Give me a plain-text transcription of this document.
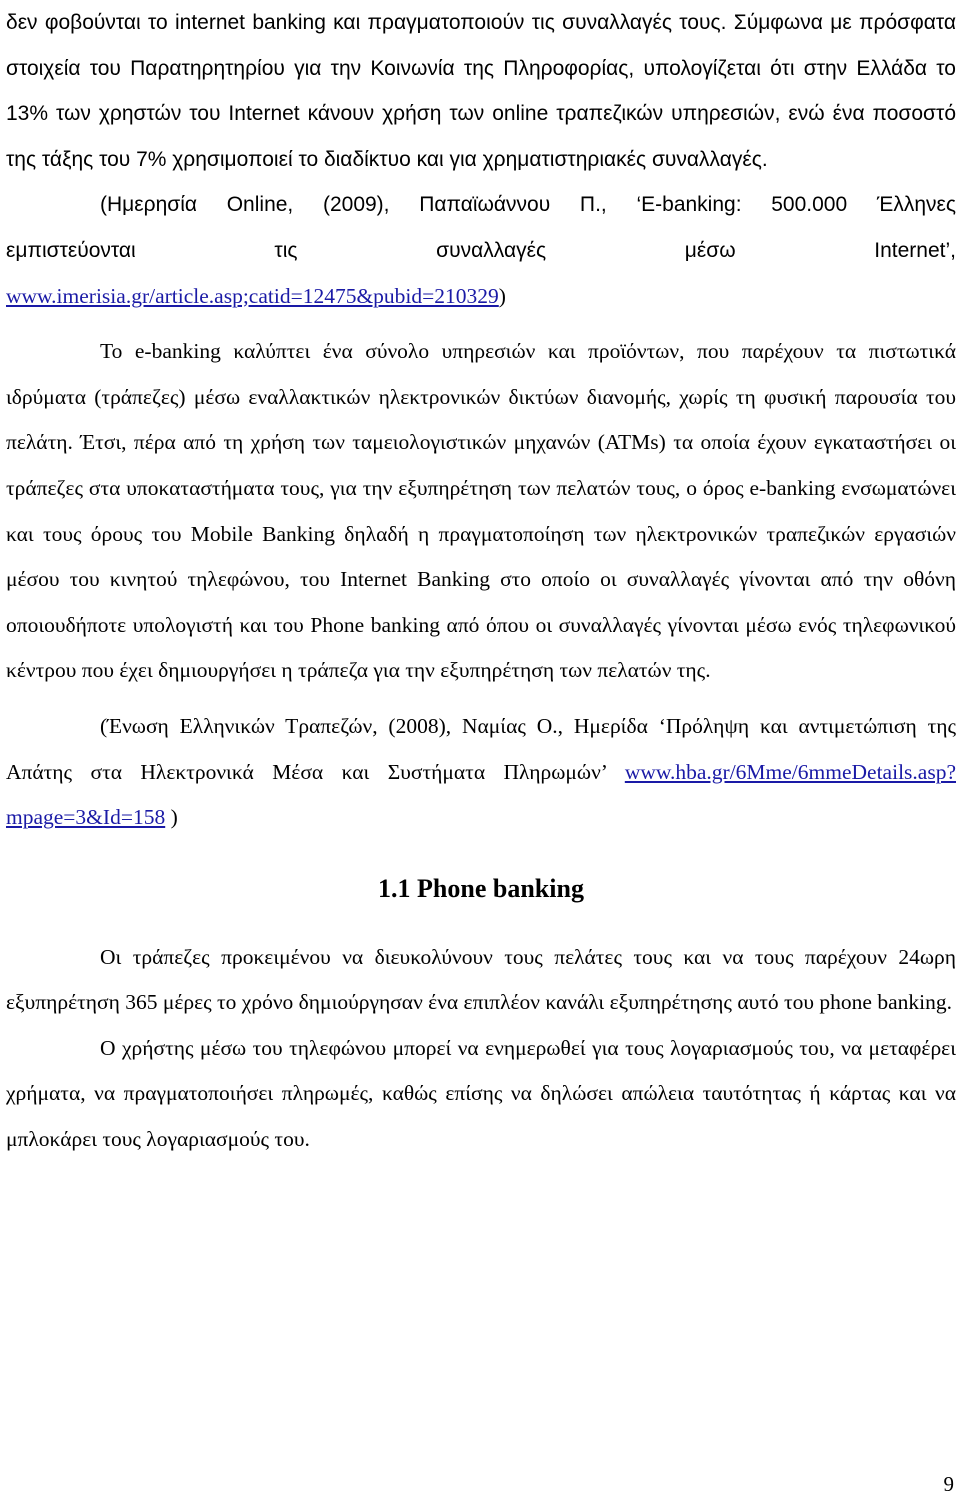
δεν φοβούνται το internet banking και πραγματοποιούν τις συναλλαγές τους. Σύμφωνα με πρόσφατα στοιχεία του Παρατηρητηρίου για την Κοινωνία της Πληροφορίας, υπολογίζεται ότι στην Ελλάδα το 13% των χρηστών του Internet κάνουν χρήση των online τραπεζικών υπηρεσιών, ενώ ένα ποσοστό της τάξης του 7% χρησιμοποιεί το διαδίκτυο και για χρηματιστηριακές συναλλαγές.

(Ημερησία Online, (2009), Παπαϊωάννου Π., ‘E-banking: 500.000 Έλληνες

εμπιστεύονται τις συναλλαγές μέσω Internet’,

www.imerisia.gr/article.asp;catid=12475&pubid=210329)

Το e-banking καλύπτει ένα σύνολο υπηρεσιών και προϊόντων, που παρέχουν τα πιστωτικά ιδρύματα (τράπεζες) μέσω εναλλακτικών ηλεκτρονικών δικτύων διανομής, χωρίς τη φυσική παρουσία του πελάτη. Έτσι, πέρα από τη χρήση των ταμειολογιστικών μηχανών (ATMs) τα οποία έχουν εγκαταστήσει οι τράπεζες στα υποκαταστήματα τους, για την εξυπηρέτηση των πελατών τους, ο όρος e-banking ενσωματώνει και τους όρους του Mobile Banking δηλαδή η πραγματοποίηση των ηλεκτρονικών τραπεζικών εργασιών μέσου του κινητού τηλεφώνου, του Internet Banking στο οποίο οι συναλλαγές γίνονται από την οθόνη οποιουδήποτε υπολογιστή και του Phone banking από όπου οι συναλλαγές γίνονται μέσω ενός τηλεφωνικού κέντρου που έχει δημιουργήσει η τράπεζα για την εξυπηρέτηση των πελατών της.

(Ένωση Ελληνικών Τραπεζών, (2008), Ναμίας Ο., Ημερίδα ‘Πρόληψη και αντιμετώπιση της Απάτης στα Ηλεκτρονικά Μέσα και Συστήματα Πληρωμών’ www.hba.gr/6Mme/6mmeDetails.asp?mpage=3&Id=158 )

1.1 Phone banking

Οι τράπεζες προκειμένου να διευκολύνουν τους πελάτες τους και να τους παρέχουν 24ωρη εξυπηρέτηση 365 μέρες το χρόνο δημιούργησαν ένα επιπλέον κανάλι εξυπηρέτησης αυτό του phone banking.

Ο χρήστης μέσω του τηλεφώνου μπορεί να ενημερωθεί για τους λογαριασμούς του, να μεταφέρει χρήματα, να πραγματοποιήσει πληρωμές, καθώς επίσης να δηλώσει απώλεια ταυτότητας ή κάρτας και να μπλοκάρει τους λογαριασμούς του.

9
